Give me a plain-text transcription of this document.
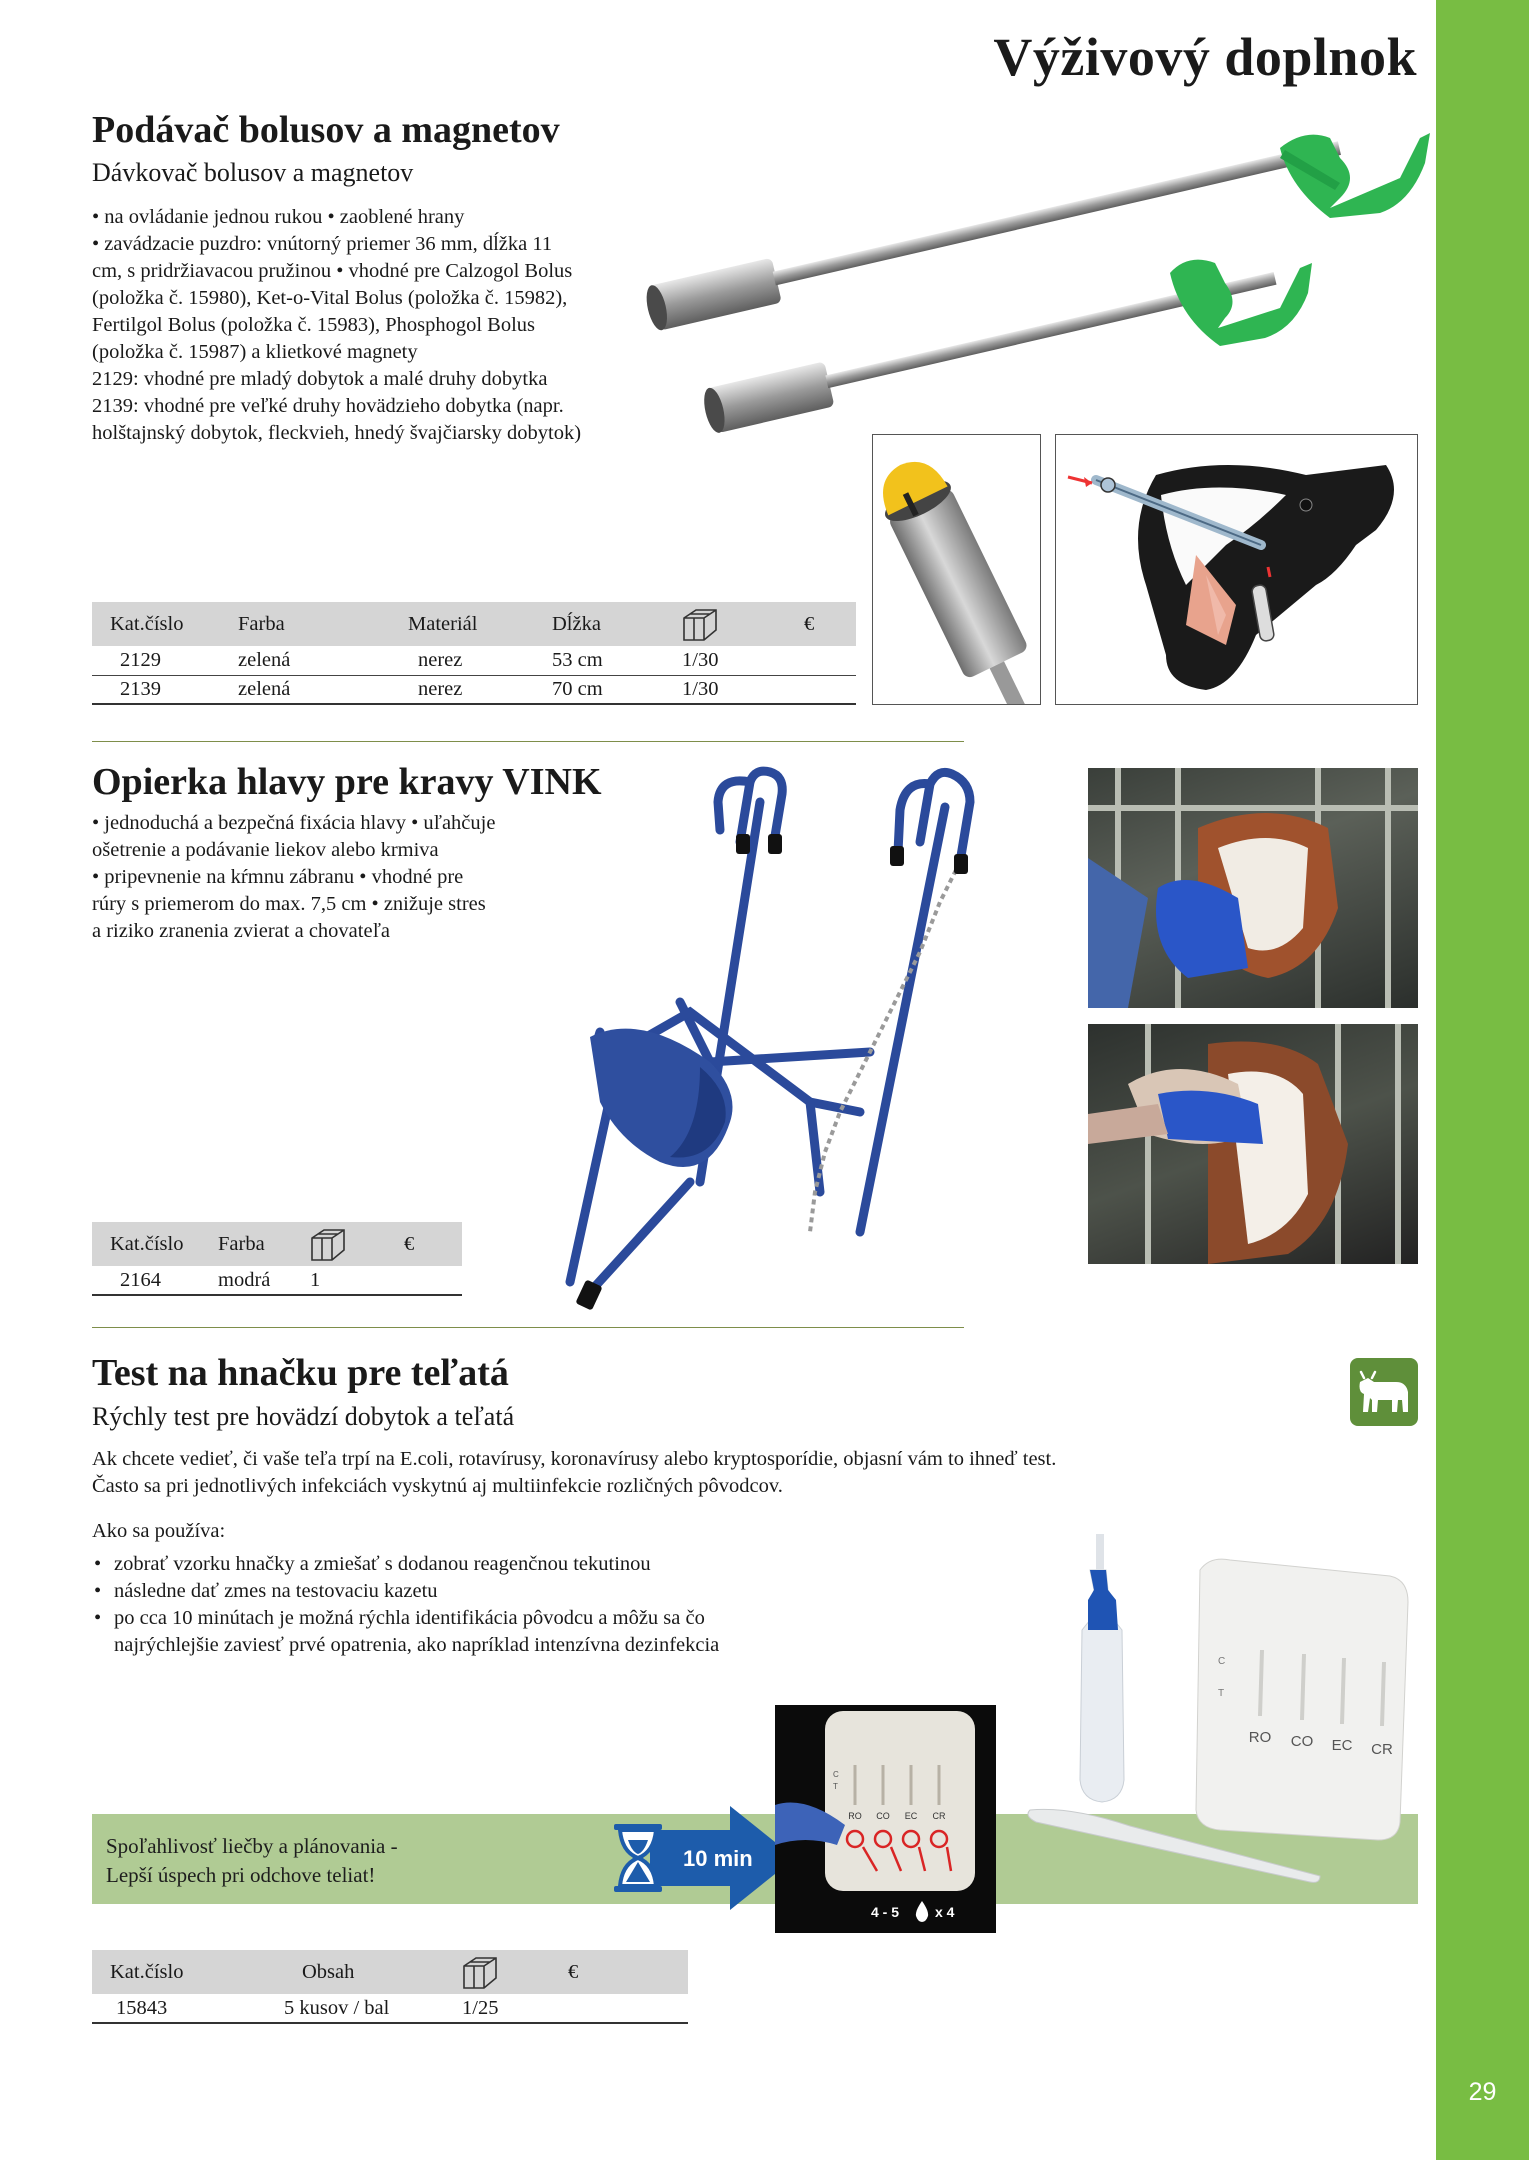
29
Výživový doplnok
Podávač bolusov a magnetov
Dávkovač bolusov a magnetov

• na ovládanie jednou rukou • zaoblené hrany

• zavádzacie puzdro: vnútorný priemer 36 mm, dĺžka 11

cm, s pridržiavacou pružinou • vhodné pre Calzogol Bolus

(položka č. 15980), Ket-o-Vital Bolus (položka č. 15982),

Fertilgol Bolus (položka č. 15983), Phosphogol Bolus

(položka č. 15987) a klietkové magnety

2129: vhodné pre mladý dobytok a malé druhy dobytka

2139: vhodné pre veľké druhy hovädzieho dobytka (napr.

holštajnský dobytok, fleckvieh, hnedý švajčiarsky dobytok)

Kat.číslo	Farba	Materiál	Dĺžka		€
2129	zelená	nerez	53 cm	1/30	
2139	zelená	nerez	70 cm	1/30	
Opierka hlavy pre kravy VINK

• jednoduchá a bezpečná fixácia hlavy • uľahčuje

ošetrenie a podávanie liekov alebo krmiva

• pripevnenie na kŕmnu zábranu • vhodné pre

rúry s priemerom do max. 7,5 cm • znižuje stres

a riziko zranenia zvierat a chovateľa

Kat.číslo	Farba		€
2164	modrá	1	
Test na hnačku pre teľatá
Rýchly test pre hovädzí dobytok a teľatá

Ak chcete vedieť, či vaše teľa trpí na E.coli, rotavírusy, koronavírusy alebo kryptosporídie, objasní vám to ihneď test.

Často sa pri jednotlivých infekciách vyskytnú aj multiinfekcie rozličných pôvodcov.

Ako sa používa:
• zobrať vzorku hnačky a zmiešať s dodanou reagenčnou tekutinou
• následne dať zmes na testovaciu kazetu
• po cca 10 minútach je možná rýchla identifikácia pôvodcu a môžu sa čo najrýchlejšie zaviesť prvé opatrenia, ako napríklad intenzívna dezinfekcia
Spoľahlivosť liečby a plánovania -
Lepší úspech pri odchove teliat!
10 min
C
T
RO CO EC CR
4 - 5	x 4
C
T
RO CO EC CR
Kat.číslo	Obsah		€
15843	5 kusov / bal	1/25	
